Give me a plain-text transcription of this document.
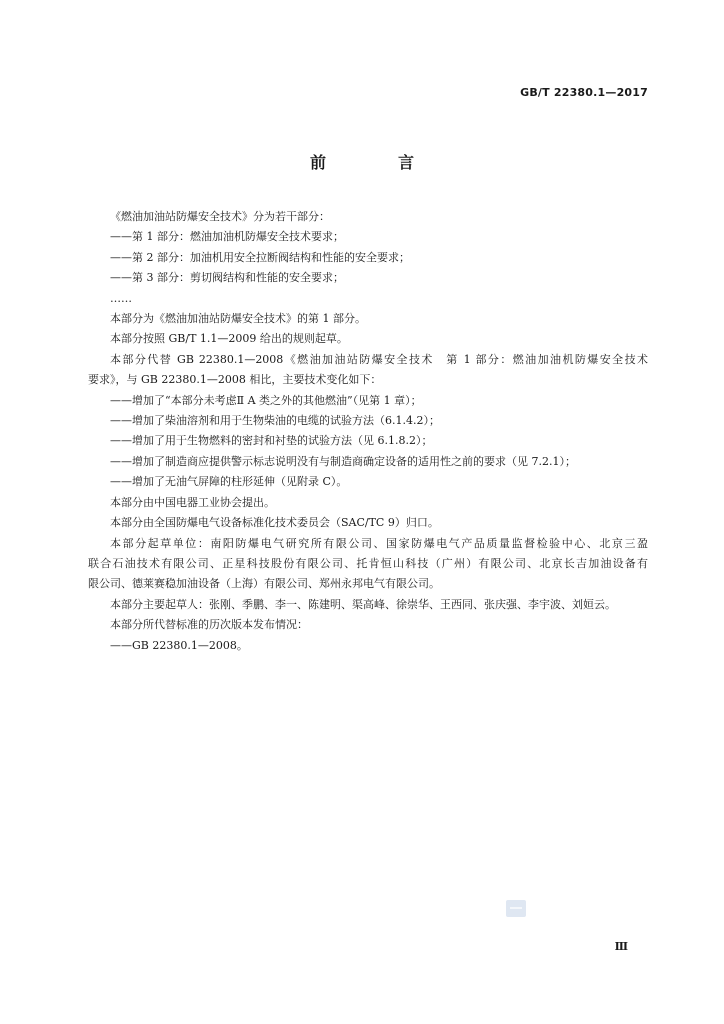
GB/T 22380.1—2017
前　言
《燃油加油站防爆安全技术》分为若干部分：
——第 1 部分：燃油加油机防爆安全技术要求；
——第 2 部分：加油机用安全拉断阀结构和性能的安全要求；
——第 3 部分：剪切阀结构和性能的安全要求；
……
本部分为《燃油加油站防爆安全技术》的第 1 部分。
本部分按照 GB/T 1.1—2009 给出的规则起草。
本部分代替 GB 22380.1—2008《燃油加油站防爆安全技术　第 1 部分：燃油加油机防爆安全技术
要求》，与 GB 22380.1—2008 相比，主要技术变化如下：
——增加了“本部分未考虑Ⅱ A 类之外的其他燃油”（见第 1 章）；
——增加了柴油溶剂和用于生物柴油的电缆的试验方法（6.1.4.2）；
——增加了用于生物燃料的密封和衬垫的试验方法（见 6.1.8.2）；
——增加了制造商应提供警示标志说明没有与制造商确定设备的适用性之前的要求（见 7.2.1）；
——增加了无油气屏障的柱形延伸（见附录 C）。
本部分由中国电器工业协会提出。
本部分由全国防爆电气设备标准化技术委员会（SAC/TC 9）归口。
本部分起草单位：南阳防爆电气研究所有限公司、国家防爆电气产品质量监督检验中心、北京三盈
联合石油技术有限公司、正星科技股份有限公司、托肯恒山科技（广州）有限公司、北京长吉加油设备有
限公司、德莱赛稳加油设备（上海）有限公司、郑州永邦电气有限公司。
本部分主要起草人：张刚、季鹏、李一、陈建明、渠高峰、徐崇华、王西同、张庆强、李宇波、刘姮云。
本部分所代替标准的历次版本发布情况：
——GB 22380.1—2008。
Ⅲ
